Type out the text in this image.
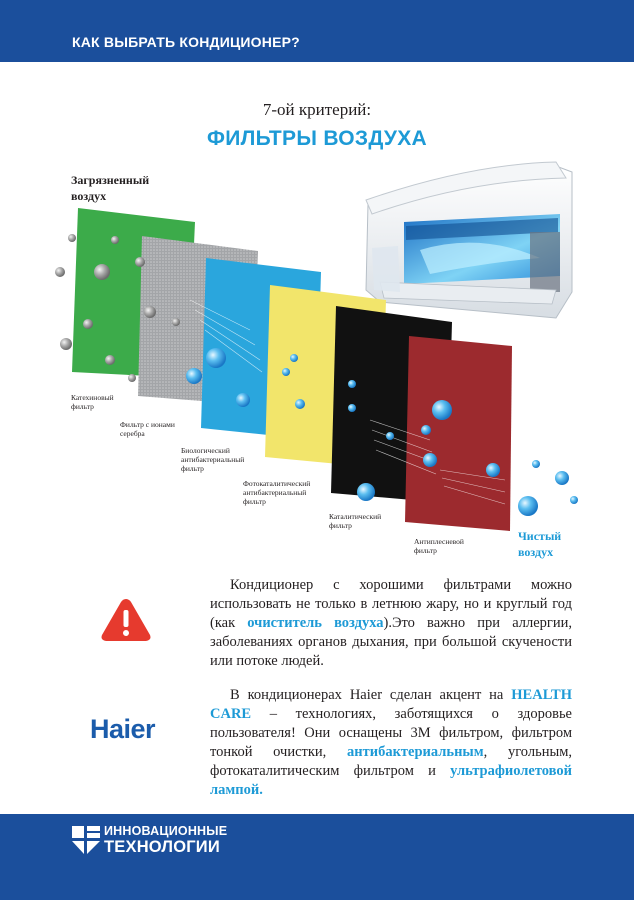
КАК ВЫБРАТЬ КОНДИЦИОНЕР?
7-ой критерий:
ФИЛЬТРЫ ВОЗДУХА
Загрязненный
воздух
Катехиновый
фильтр
Фильтр с ионами
серебра
Биологический
антибактериальный
фильтр
Фотокаталитический
антибактериальный
фильтр
Каталитический
фильтр
Антиплесневой
фильтр
Чистый
воздух

Кондиционер с хорошими фильтрами можно использовать не только в летнюю жару, но и круглый год (как очиститель воздуха).Это важно при аллергии, заболеваниях органов дыхания, при большой скучености или потоке людей.

Haier

В кондиционерах Haier сделан акцент на HEALTH CARE – технологиях, заботящихся о здоровье пользователя! Они оснащены 3M фильтром, фильтром тонкой очистки, антибактериальным, угольным, фотокаталитическим фильтром и ультрафиолетовой лампой.

ИННОВАЦИОННЫЕ
ТЕХНОЛОГИИ
